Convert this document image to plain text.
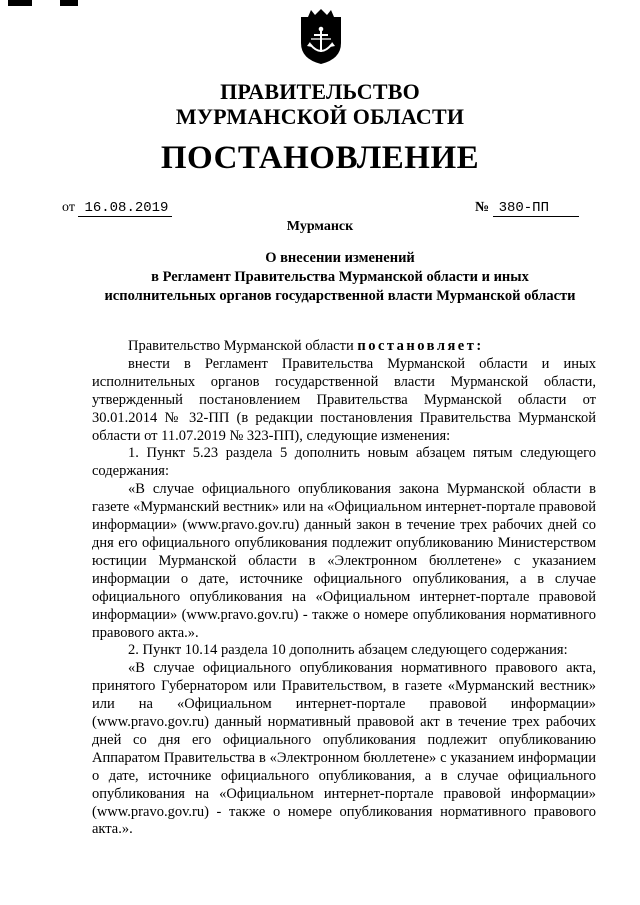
ПРАВИТЕЛЬСТВО
МУРМАНСКОЙ ОБЛАСТИ
ПОСТАНОВЛЕНИЕ
от 16.08.2019	№ 380-ПП
Мурманск
О внесении изменений
в Регламент Правительства Мурманской области и иных
исполнительных органов государственной власти Мурманской области

Правительство Мурманской области постановляет:

внести в Регламент Правительства Мурманской области и иных исполнительных органов государственной власти Мурманской области, утвержденный постановлением Правительства Мурманской области от 30.01.2014 № 32-ПП (в редакции постановления Правительства Мурманской области от 11.07.2019 № 323-ПП), следующие изменения:

1. Пункт 5.23 раздела 5 дополнить новым абзацем пятым следующего содержания:

«В случае официального опубликования закона Мурманской области в газете «Мурманский вестник» или на «Официальном интернет-портале правовой информации» (www.pravo.gov.ru) данный закон в течение трех рабочих дней со дня его официального опубликования подлежит опубликованию Министерством юстиции Мурманской области в «Электронном бюллетене» с указанием информации о дате, источнике официального опубликования, а в случае официального опубликования на «Официальном интернет-портале правовой информации» (www.pravo.gov.ru) - также о номере опубликования нормативного правового акта.».

2. Пункт 10.14 раздела 10 дополнить абзацем следующего содержания:

«В случае официального опубликования нормативного правового акта, принятого Губернатором или Правительством, в газете «Мурманский вестник» или на «Официальном интернет-портале правовой информации» (www.pravo.gov.ru) данный нормативный правовой акт в течение трех рабочих дней со дня его официального опубликования подлежит опубликованию Аппаратом Правительства в «Электронном бюллетене» с указанием информации о дате, источнике официального опубликования, а в случае официального опубликования на «Официальном интернет-портале правовой информации» (www.pravo.gov.ru) - также о номере опубликования нормативного правового акта.».
